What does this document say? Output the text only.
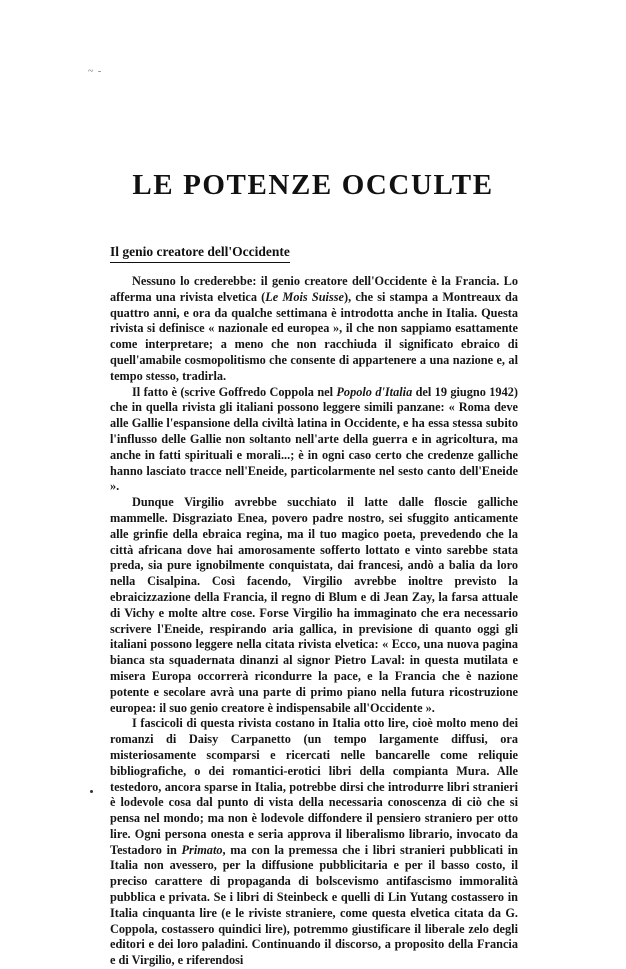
~ -
LE POTENZE OCCULTE
Il genio creatore dell'Occidente

Nessuno lo crederebbe: il genio creatore dell'Occidente è la Francia. Lo afferma una rivista elvetica (Le Mois Suisse), che si stampa a Montreaux da quattro anni, e ora da qualche settimana è introdotta anche in Italia. Questa rivista si definisce « nazionale ed europea », il che non sappiamo esattamente come interpretare; a meno che non racchiuda il significato ebraico di quell'amabile cosmopolitismo che consente di appartenere a una nazione e, al tempo stesso, tradirla.

Il fatto è (scrive Goffredo Coppola nel Popolo d'Italia del 19 giugno 1942) che in quella rivista gli italiani possono leggere simili panzane: « Roma deve alle Gallie l'espansione della civiltà latina in Occidente, e ha essa stessa subito l'influsso delle Gallie non soltanto nell'arte della guerra e in agricoltura, ma anche in fatti spirituali e morali...; è in ogni caso certo che credenze galliche hanno lasciato tracce nell'Eneide, particolarmente nel sesto canto dell'Eneide ».

Dunque Virgilio avrebbe succhiato il latte dalle floscie galliche mammelle. Disgraziato Enea, povero padre nostro, sei sfuggito anticamente alle grinfie della ebraica regina, ma il tuo magico poeta, prevedendo che la città africana dove hai amorosamente sofferto lottato e vinto sarebbe stata preda, sia pure ignobilmente conquistata, dai francesi, andò a balia da loro nella Cisalpina. Così facendo, Virgilio avrebbe inoltre previsto la ebraicizzazione della Francia, il regno di Blum e di Jean Zay, la farsa attuale di Vichy e molte altre cose. Forse Virgilio ha immaginato che era necessario scrivere l'Eneide, respirando aria gallica, in previsione di quanto oggi gli italiani possono leggere nella citata rivista elvetica: « Ecco, una nuova pagina bianca sta squadernata dinanzi al signor Pietro Laval: in questa mutilata e misera Europa occorrerà ricondurre la pace, e la Francia che è nazione potente e secolare avrà una parte di primo piano nella futura ricostruzione europea: il suo genio creatore è indispensabile all'Occidente ».

I fascicoli di questa rivista costano in Italia otto lire, cioè molto meno dei romanzi di Daisy Carpanetto (un tempo largamente diffusi, ora misteriosamente scomparsi e ricercati nelle bancarelle come reliquie bibliografiche, o dei romantici-erotici libri della compianta Mura. Alle testedoro, ancora sparse in Italia, potrebbe dirsi che introdurre libri stranieri è lodevole cosa dal punto di vista della necessaria conoscenza di ciò che si pensa nel mondo; ma non è lodevole diffondere il pensiero straniero per otto lire. Ogni persona onesta e seria approva il liberalismo librario, invocato da Testadoro in Primato, ma con la premessa che i libri stranieri pubblicati in Italia non avessero, per la diffusione pubblicitaria e per il basso costo, il preciso carattere di propaganda di bolscevismo antifascismo immoralità pubblica e privata. Se i libri di Steinbeck e quelli di Lin Yutang costassero in Italia cinquanta lire (e le riviste straniere, come questa elvetica citata da G. Coppola, costassero quindici lire), potremmo giustificare il liberale zelo degli editori e dei loro paladini. Continuando il discorso, a proposito della Francia e di Virgilio, e riferendosi
